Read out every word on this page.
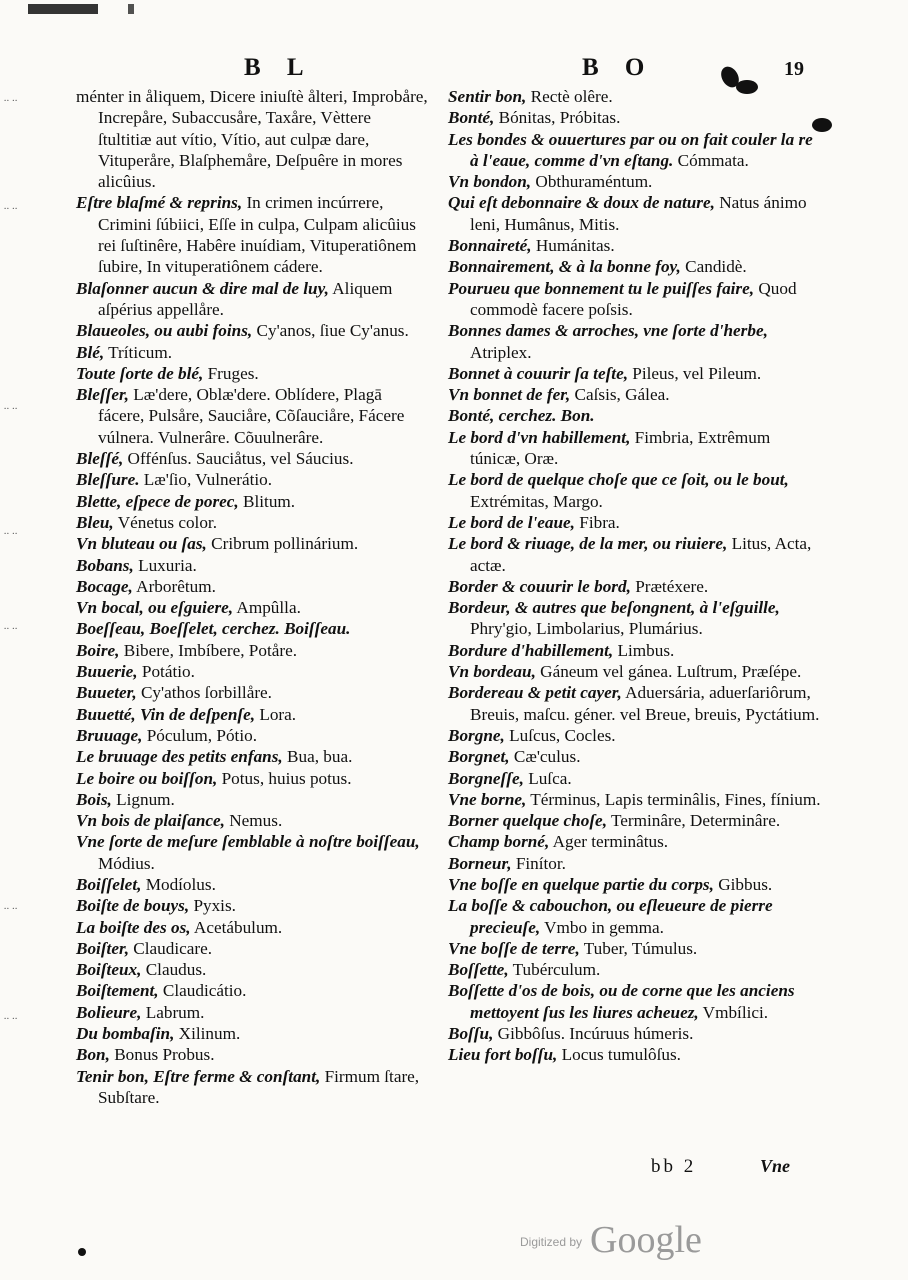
B L	B O	19
.. ..
.. ..
.. ..
.. ..
.. ..
.. ..
.. ..

ménter in åliquem, Dicere iniuſtè ålteri, Improbåre, Increpåre, Subaccusåre, Taxåre, Vèttere ſtultitiæ aut vítio, Vítio, aut culpæ dare, Vituperåre, Blaſphemåre, Deſpuêre in mores alicûius.

Eſtre blaſmé & reprins, In crimen incúrrere, Crimini ſúbiici, Eſſe in culpa, Culpam alicûius rei ſuſtinêre, Habêre inuídiam, Vituperatiônem ſubire, In vituperatiônem cádere.

Blaſonner aucun & dire mal de luy, Aliquem aſpérius appellåre.

Blaueoles, ou aubi foins, Cy'anos, ſiue Cy'anus.

Blé, Tríticum.

Toute ſorte de blé, Fruges.

Bleſſer, Læ'dere, Oblæ'dere. Oblídere, Plagā fácere, Pulsåre, Sauciåre, Cõſauciåre, Fácere vúlnera. Vulnerâre. Cõuulnerâre.

Bleſſé, Offénſus. Sauciåtus, vel Sáucius.

Bleſſure. Læ'ſio, Vulnerátio.

Blette, eſpece de porec, Blitum.

Bleu, Vénetus color.

Vn bluteau ou ſas, Cribrum pollinárium.

Bobans, Luxuria.

Bocage, Arborêtum.

Vn bocal, ou eſguiere, Ampûlla.

Boeſſeau, Boeſſelet, cerchez. Boiſſeau.

Boire, Bibere, Imbíbere, Potåre.

Buuerie, Potátio.

Buueter, Cy'athos ſorbillåre.

Buuetté, Vin de deſpenſe, Lora.

Bruuage, Póculum, Pótio.

Le bruuage des petits enfans, Bua, bua.

Le boire ou boiſſon, Potus, huius potus.

Bois, Lignum.

Vn bois de plaiſance, Nemus.

Vne ſorte de meſure ſemblable à noſtre boiſſeau, Módius.

Boiſſelet, Modíolus.

Boiſte de bouys, Pyxis.

La boiſte des os, Acetábulum.

Boiſter, Claudicare.

Boiſteux, Claudus.

Boiſtement, Claudicátio.

Bolieure, Labrum.

Du bombaſin, Xilinum.

Bon, Bonus Probus.

Tenir bon, Eſtre ferme & conſtant, Firmum ſtare, Subſtare.

Sentir bon, Rectè olêre.

Bonté, Bónitas, Próbitas.

Les bondes & ouuertures par ou on fait couler la re à l'eaue, comme d'vn eſtang. Cómmata.

Vn bondon, Obthuraméntum.

Qui eſt debonnaire & doux de nature, Natus ánimo leni, Humânus, Mitis.

Bonnaireté, Humánitas.

Bonnairement, & à la bonne foy, Candidè.

Pourueu que bonnement tu le puiſſes faire, Quod commodè facere poſsis.

Bonnes dames & arroches, vne ſorte d'herbe, Atriplex.

Bonnet à couurir ſa teſte, Pileus, vel Pileum.

Vn bonnet de fer, Caſsis, Gálea.

Bonté, cerchez. Bon.

Le bord d'vn habillement, Fimbria, Extrêmum túnicæ, Oræ.

Le bord de quelque choſe que ce ſoit, ou le bout, Extrémitas, Margo.

Le bord de l'eaue, Fibra.

Le bord & riuage, de la mer, ou riuiere, Litus, Acta, actæ.

Border & couurir le bord, Prætéxere.

Bordeur, & autres que beſongnent, à l'eſguille, Phry'gio, Limbolarius, Plumárius.

Bordure d'habillement, Limbus.

Vn bordeau, Gáneum vel gánea. Luſtrum, Præſépe.

Bordereau & petit cayer, Aduersária, aduerſariôrum, Breuis, maſcu. géner. vel Breue, breuis, Pyctátium.

Borgne, Luſcus, Cocles.

Borgnet, Cæ'culus.

Borgneſſe, Luſca.

Vne borne, Términus, Lapis terminâlis, Fines, fínium.

Borner quelque choſe, Terminâre, Determinâre.

Champ borné, Ager terminâtus.

Borneur, Finítor.

Vne boſſe en quelque partie du corps, Gibbus.

La boſſe & cabouchon, ou eſleueure de pierre precieuſe, Vmbo in gemma.

Vne boſſe de terre, Tuber, Túmulus.

Boſſette, Tubérculum.

Boſſette d'os de bois, ou de corne que les anciens mettoyent ſus les liures acheuez, Vmbílici.

Boſſu, Gibbôſus. Incúruus húmeris.

Lieu fort boſſu, Locus tumulôſus.

bb 2	Vne
Digitized by Google
